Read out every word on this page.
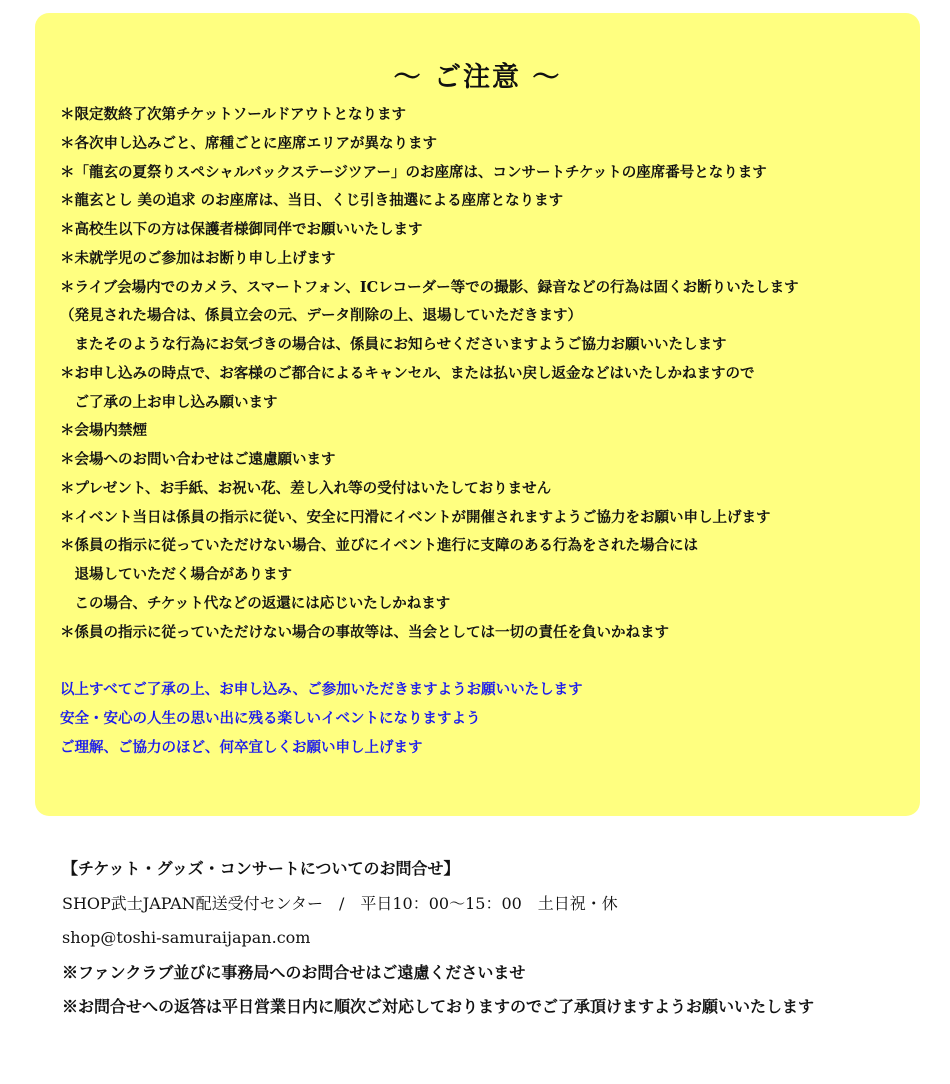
～ ご注意 ～
＊限定数終了次第チケットソールドアウトとなります
＊各次申し込みごと、席種ごとに座席エリアが異なります
＊「龍玄の夏祭りスペシャルバックステージツアー」のお座席は、コンサートチケットの座席番号となります
＊龍玄とし 美の追求 のお座席は、当日、くじ引き抽選による座席となります
＊高校生以下の方は保護者様御同伴でお願いいたします
＊未就学児のご参加はお断り申し上げます
＊ライブ会場内でのカメラ、スマートフォン、ICレコーダー等での撮影、録音などの行為は固くお断りいたします
（発見された場合は、係員立会の元、データ削除の上、退場していただきます）
　またそのような行為にお気づきの場合は、係員にお知らせくださいますようご協力お願いいたします
＊お申し込みの時点で、お客様のご都合によるキャンセル、または払い戻し返金などはいたしかねますので
　ご了承の上お申し込み願います
＊会場内禁煙
＊会場へのお問い合わせはご遠慮願います
＊プレゼント、お手紙、お祝い花、差し入れ等の受付はいたしておりません
＊イベント当日は係員の指示に従い、安全に円滑にイベントが開催されますようご協力をお願い申し上げます
＊係員の指示に従っていただけない場合、並びにイベント進行に支障のある行為をされた場合には
　退場していただく場合があります
　この場合、チケット代などの返還には応じいたしかねます
＊係員の指示に従っていただけない場合の事故等は、当会としては一切の責任を負いかねます
以上すべてご了承の上、お申し込み、ご参加いただきますようお願いいたします
安全・安心の人生の思い出に残る楽しいイベントになりますよう
ご理解、ご協力のほど、何卒宜しくお願い申し上げます
【チケット・グッズ・コンサートについてのお問合せ】
SHOP武士JAPAN配送受付センター　/　平日10：00～15：00　土日祝・休
shop@toshi-samuraijapan.com
※ファンクラブ並びに事務局へのお問合せはご遠慮くださいませ
※お問合せへの返答は平日営業日内に順次ご対応しておりますのでご了承頂けますようお願いいたします
